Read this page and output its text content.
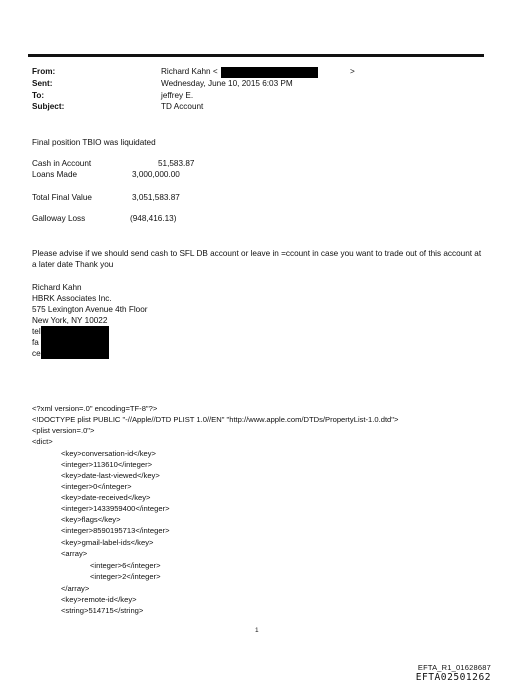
From:	Richard Kahn <	>
Sent:	Wednesday, June 10, 2015 6:03 PM
To:	jeffrey E.
Subject:	TD Account
Final position TBIO was liquidated
Cash in Account	51,583.87
Loans Made	3,000,000.00
Total Final Value	3,051,583.87
Galloway Loss	(948,416.13)
Please advise if we should send cash to SFL DB account or leave in =ccount in case you want to trade out of this account at a later date Thank you
Richard Kahn
HBRK Associates Inc.
575 Lexington Avenue 4th Floor
New York, NY 10022
tel
fa
ce
<?xml version=.0" encoding=TF-8"?>
<!DOCTYPE plist PUBLIC "-//Apple//DTD PLIST 1.0//EN" "http://www.apple.com/DTDs/PropertyList-1.0.dtd">
<plist version=.0">
<dict>
<key>conversation-id</key>
<integer>113610</integer>
<key>date-last-viewed</key>
<integer>0</integer>
<key>date-received</key>
<integer>1433959400</integer>
<key>flags</key>
<integer>8590195713</integer>
<key>gmail-label-ids</key>
<array>
<integer>6</integer>
<integer>2</integer>
</array>
<key>remote-id</key>
<string>514715</string>
1
EFTA_R1_01628687
EFTA02501262
